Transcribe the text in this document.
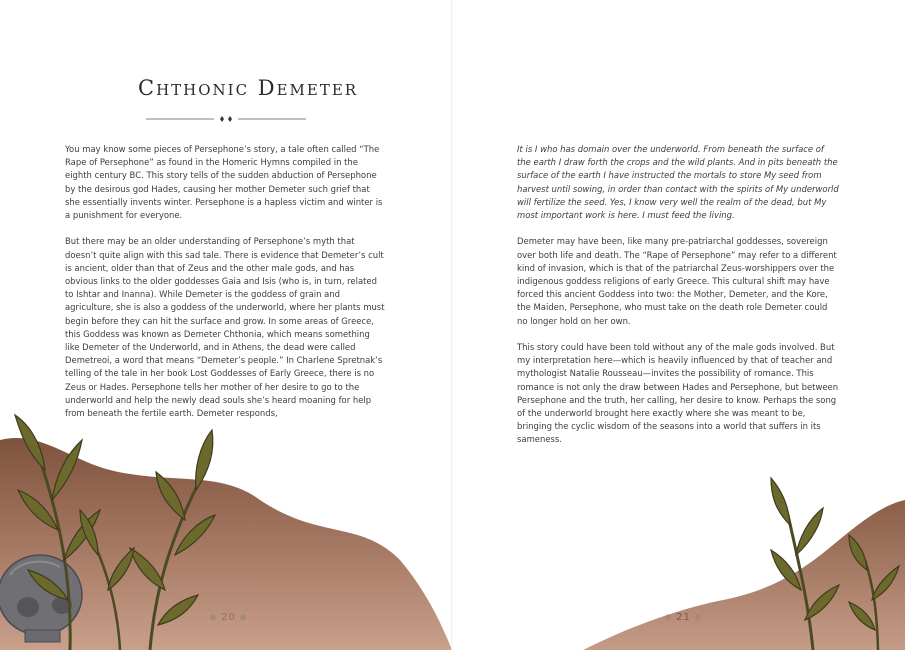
Chthonic Demeter

You may know some pieces of Persephone’s story, a tale often called “The Rape of Persephone” as found in the Homeric Hymns compiled in the eighth century BC. This story tells of the sudden abduction of Persephone by the desirous god Hades, causing her mother Demeter such grief that she essentially invents winter. Persephone is a hapless victim and winter is a punishment for everyone.

But there may be an older understanding of Persephone’s myth that doesn’t quite align with this sad tale. There is evidence that Demeter’s cult is ancient, older than that of Zeus and the other male gods, and has obvious links to the older goddesses Gaia and Isis (who is, in turn, related to Ishtar and Inanna). While Demeter is the goddess of grain and agriculture, she is also a goddess of the underworld, where her plants must begin before they can hit the surface and grow. In some areas of Greece, this Goddess was known as Demeter Chthonia, which means something like Demeter of the Underworld, and in Athens, the dead were called Demetreoi, a word that means “Demeter’s people.” In Charlene Spretnak’s telling of the tale in her book Lost Goddesses of Early Greece, there is no Zeus or Hades. Persephone tells her mother of her desire to go to the underworld and help the newly dead souls she’s heard moaning for help from beneath the fertile earth. Demeter responds,

● 20 ●

It is I who has domain over the underworld. From beneath the surface of the earth I draw forth the crops and the wild plants. And in pits beneath the surface of the earth I have instructed the mortals to store My seed from harvest until sowing, in order than contact with the spirits of My underworld will fertilize the seed. Yes, I know very well the realm of the dead, but My most important work is here. I must feed the living.

Demeter may have been, like many pre-patriarchal goddesses, sovereign over both life and death. The “Rape of Persephone” may refer to a different kind of invasion, which is that of the patriarchal Zeus-worshippers over the indigenous goddess religions of early Greece. This cultural shift may have forced this ancient Goddess into two: the Mother, Demeter, and the Kore, the Maiden, Persephone, who must take on the death role Demeter could no longer hold on her own.

This story could have been told without any of the male gods involved. But my interpretation here—which is heavily influenced by that of teacher and mythologist Natalie Rousseau—invites the possibility of romance. This romance is not only the draw between Hades and Persephone, but between Persephone and the truth, her calling, her desire to know. Perhaps the song of the underworld brought here exactly where she was meant to be, bringing the cyclic wisdom of the seasons into a world that suffers in its sameness.

● 21 ●
